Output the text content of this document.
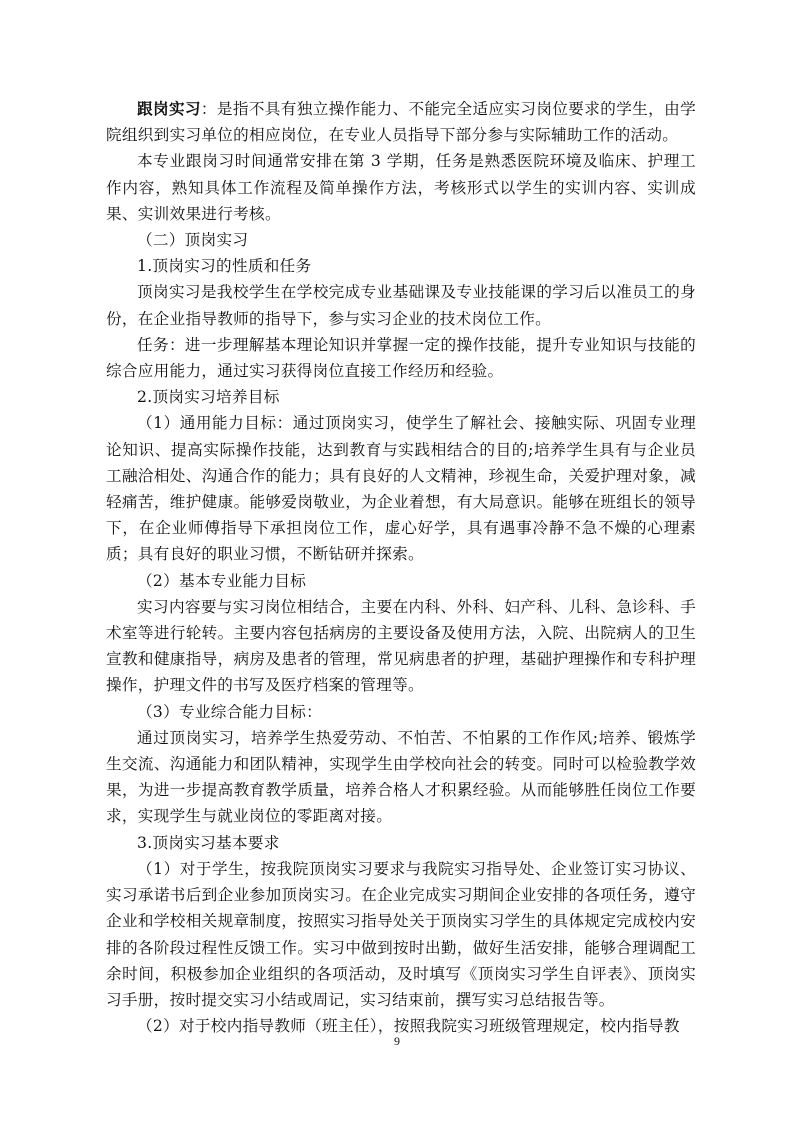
跟岗实习：是指不具有独立操作能力、不能完全适应实习岗位要求的学生，由学院组织到实习单位的相应岗位，在专业人员指导下部分参与实际辅助工作的活动。

本专业跟岗习时间通常安排在第 3 学期，任务是熟悉医院环境及临床、护理工作内容，熟知具体工作流程及简单操作方法，考核形式以学生的实训内容、实训成果、实训效果进行考核。

（二）顶岗实习

1.顶岗实习的性质和任务

顶岗实习是我校学生在学校完成专业基础课及专业技能课的学习后以准员工的身份，在企业指导教师的指导下，参与实习企业的技术岗位工作。

任务：进一步理解基本理论知识并掌握一定的操作技能，提升专业知识与技能的综合应用能力，通过实习获得岗位直接工作经历和经验。

2.顶岗实习培养目标

（1）通用能力目标：通过顶岗实习，使学生了解社会、接触实际、巩固专业理论知识、提高实际操作技能，达到教育与实践相结合的目的;培养学生具有与企业员工融洽相处、沟通合作的能力；具有良好的人文精神，珍视生命，关爱护理对象，减轻痛苦，维护健康。能够爱岗敬业，为企业着想，有大局意识。能够在班组长的领导下，在企业师傅指导下承担岗位工作，虚心好学，具有遇事冷静不急不燥的心理素质；具有良好的职业习惯，不断钻研并探索。

（2）基本专业能力目标

实习内容要与实习岗位相结合，主要在内科、外科、妇产科、儿科、急诊科、手术室等进行轮转。主要内容包括病房的主要设备及使用方法，入院、出院病人的卫生宣教和健康指导，病房及患者的管理，常见病患者的护理，基础护理操作和专科护理操作，护理文件的书写及医疗档案的管理等。

（3）专业综合能力目标：

通过顶岗实习，培养学生热爱劳动、不怕苦、不怕累的工作作风;培养、锻炼学生交流、沟通能力和团队精神，实现学生由学校向社会的转变。同时可以检验教学效果，为进一步提高教育教学质量，培养合格人才积累经验。从而能够胜任岗位工作要求，实现学生与就业岗位的零距离对接。

3.顶岗实习基本要求

（1）对于学生，按我院顶岗实习要求与我院实习指导处、企业签订实习协议、实习承诺书后到企业参加顶岗实习。在企业完成实习期间企业安排的各项任务，遵守企业和学校相关规章制度，按照实习指导处关于顶岗实习学生的具体规定完成校内安排的各阶段过程性反馈工作。实习中做到按时出勤，做好生活安排，能够合理调配工余时间，积极参加企业组织的各项活动，及时填写《顶岗实习学生自评表》、顶岗实习手册，按时提交实习小结或周记，实习结束前，撰写实习总结报告等。

（2）对于校内指导教师（班主任），按照我院实习班级管理规定，校内指导教

9
